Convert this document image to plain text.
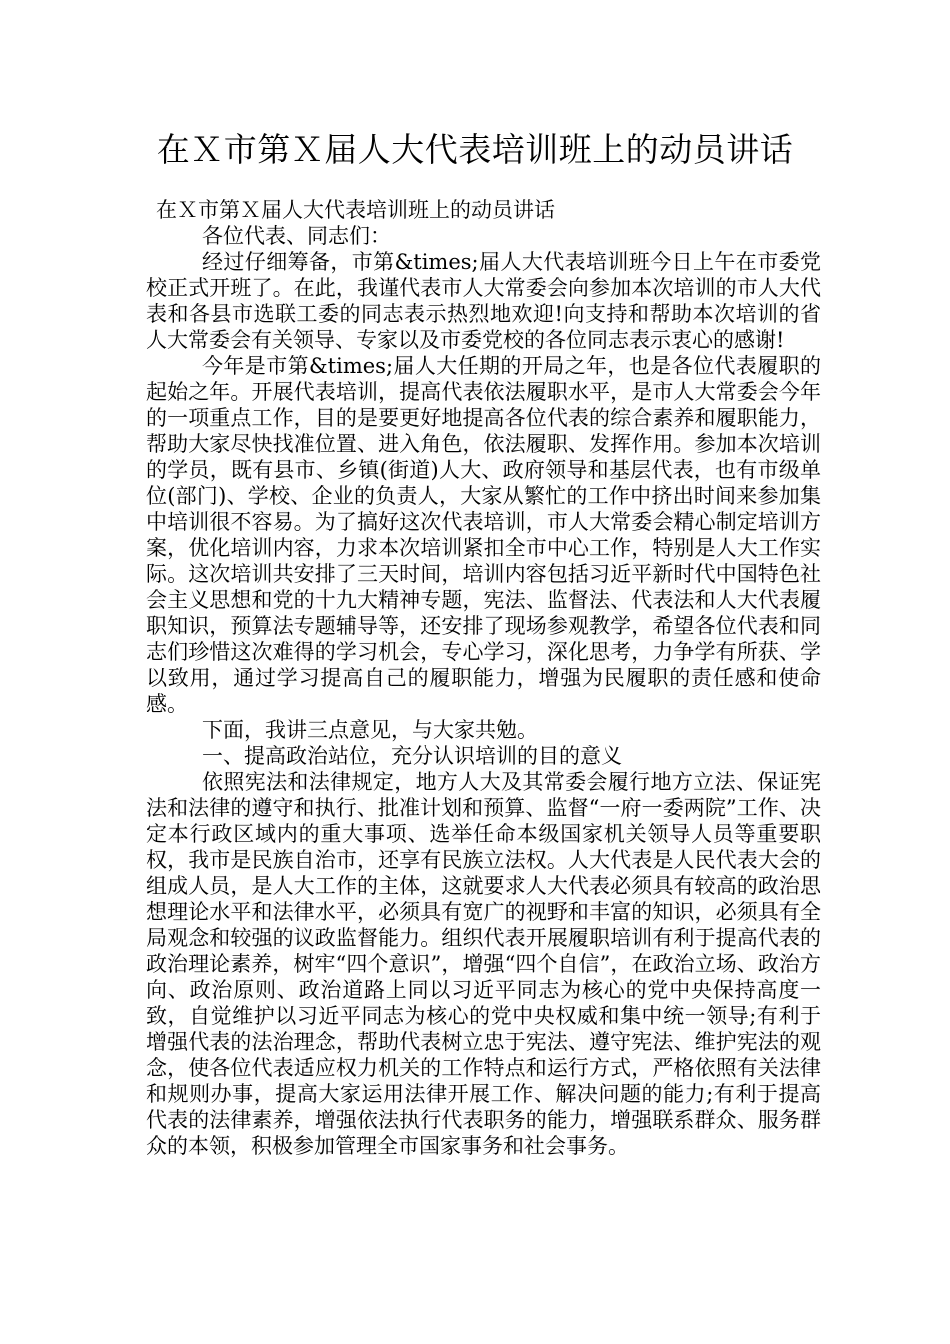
在Ｘ市第Ｘ届人大代表培训班上的动员讲话

在Ｘ市第Ｘ届人大代表培训班上的动员讲话

各位代表、同志们：

经过仔细筹备，市第&times;届人大代表培训班今日上午在市委党校正式开班了。在此，我谨代表市人大常委会向参加本次培训的市人大代表和各县市选联工委的同志表示热烈地欢迎!向支持和帮助本次培训的省人大常委会有关领导、专家以及市委党校的各位同志表示衷心的感谢!

今年是市第&times;届人大任期的开局之年，也是各位代表履职的起始之年。开展代表培训，提高代表依法履职水平，是市人大常委会今年的一项重点工作，目的是要更好地提高各位代表的综合素养和履职能力，帮助大家尽快找准位置、进入角色，依法履职、发挥作用。参加本次培训的学员，既有县市、乡镇(街道)人大、政府领导和基层代表，也有市级单位(部门)、学校、企业的负责人，大家从繁忙的工作中挤出时间来参加集中培训很不容易。为了搞好这次代表培训，市人大常委会精心制定培训方案，优化培训内容，力求本次培训紧扣全市中心工作，特别是人大工作实际。这次培训共安排了三天时间，培训内容包括习近平新时代中国特色社会主义思想和党的十九大精神专题，宪法、监督法、代表法和人大代表履职知识，预算法专题辅导等，还安排了现场参观教学，希望各位代表和同志们珍惜这次难得的学习机会，专心学习，深化思考，力争学有所获、学以致用，通过学习提高自己的履职能力，增强为民履职的责任感和使命感。

下面，我讲三点意见，与大家共勉。

一、提高政治站位，充分认识培训的目的意义

依照宪法和法律规定，地方人大及其常委会履行地方立法、保证宪法和法律的遵守和执行、批准计划和预算、监督“一府一委两院”工作、决定本行政区域内的重大事项、选举任命本级国家机关领导人员等重要职权，我市是民族自治市，还享有民族立法权。人大代表是人民代表大会的组成人员，是人大工作的主体，这就要求人大代表必须具有较高的政治思想理论水平和法律水平，必须具有宽广的视野和丰富的知识，必须具有全局观念和较强的议政监督能力。组织代表开展履职培训有利于提高代表的政治理论素养，树牢“四个意识”，增强“四个自信”，在政治立场、政治方向、政治原则、政治道路上同以习近平同志为核心的党中央保持高度一致，自觉维护以习近平同志为核心的党中央权威和集中统一领导;有利于增强代表的法治理念，帮助代表树立忠于宪法、遵守宪法、维护宪法的观念，使各位代表适应权力机关的工作特点和运行方式，严格依照有关法律和规则办事，提高大家运用法律开展工作、解决问题的能力;有利于提高代表的法律素养，增强依法执行代表职务的能力，增强联系群众、服务群众的本领，积极参加管理全市国家事务和社会事务。
